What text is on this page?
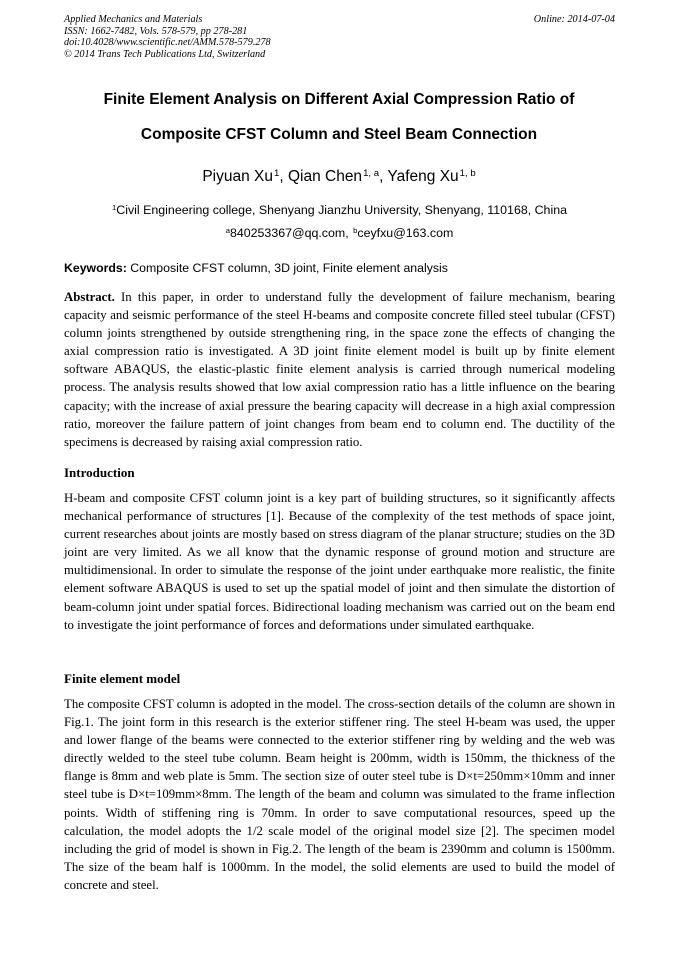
Applied Mechanics and Materials
ISSN: 1662-7482, Vols. 578-579, pp 278-281
doi:10.4028/www.scientific.net/AMM.578-579.278
© 2014 Trans Tech Publications Ltd, Switzerland
Online: 2014-07-04
Finite Element Analysis on Different Axial Compression Ratio of
Composite CFST Column and Steel Beam Connection
Piyuan Xu$^1$, Qian Chen$^{1, a}$, Yafeng Xu$^{1, b}$
$^1$Civil Engineering college, Shenyang Jianzhu University, Shenyang, 110168, China
$^a$840253367@qq.com, $^b$ceyfxu@163.com
Keywords: Composite CFST column, 3D joint, Finite element analysis
Abstract. In this paper, in order to understand fully the development of failure mechanism, bearing capacity and seismic performance of the steel H-beams and composite concrete filled steel tubular (CFST) column joints strengthened by outside strengthening ring, in the space zone the effects of changing the axial compression ratio is investigated. A 3D joint finite element model is built up by finite element software ABAQUS, the elastic-plastic finite element analysis is carried through numerical modeling process. The analysis results showed that low axial compression ratio has a little influence on the bearing capacity; with the increase of axial pressure the bearing capacity will decrease in a high axial compression ratio, moreover the failure pattern of joint changes from beam end to column end. The ductility of the specimens is decreased by raising axial compression ratio.
Introduction
H-beam and composite CFST column joint is a key part of building structures, so it significantly affects mechanical performance of structures [1]. Because of the complexity of the test methods of space joint, current researches about joints are mostly based on stress diagram of the planar structure; studies on the 3D joint are very limited. As we all know that the dynamic response of ground motion and structure are multidimensional. In order to simulate the response of the joint under earthquake more realistic, the finite element software ABAQUS is used to set up the spatial model of joint and then simulate the distortion of beam-column joint under spatial forces. Bidirectional loading mechanism was carried out on the beam end to investigate the joint performance of forces and deformations under simulated earthquake.
Finite element model
The composite CFST column is adopted in the model. The cross-section details of the column are shown in Fig.1. The joint form in this research is the exterior stiffener ring. The steel H-beam was used, the upper and lower flange of the beams were connected to the exterior stiffener ring by welding and the web was directly welded to the steel tube column. Beam height is 200mm, width is 150mm, the thickness of the flange is 8mm and web plate is 5mm. The section size of outer steel tube is D×t=250mm×10mm and inner steel tube is D×t=109mm×8mm. The length of the beam and column was simulated to the frame inflection points. Width of stiffening ring is 70mm. In order to save computational resources, speed up the calculation, the model adopts the 1/2 scale model of the original model size [2]. The specimen model including the grid of model is shown in Fig.2. The length of the beam is 2390mm and column is 1500mm. The size of the beam half is 1000mm. In the model, the solid elements are used to build the model of concrete and steel.
